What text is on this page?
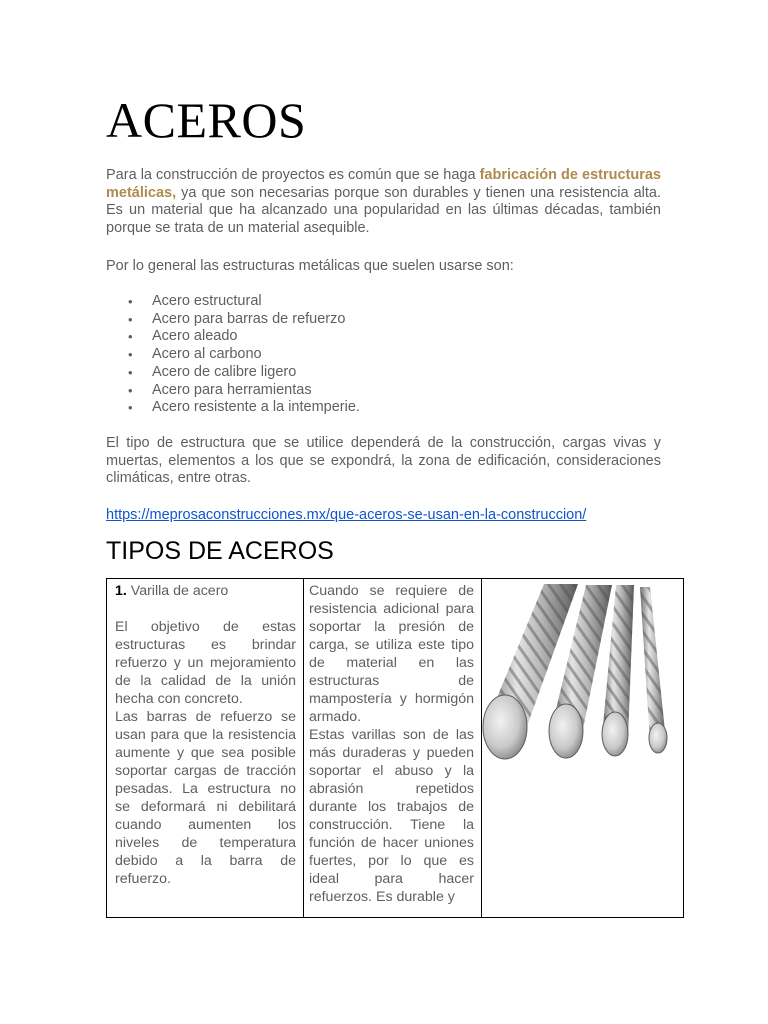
ACEROS

Para la construcción de proyectos es común que se haga fabricación de estructuras metálicas, ya que son necesarias porque son durables y tienen una resistencia alta. Es un material que ha alcanzado una popularidad en las últimas décadas, también porque se trata de un material asequible.

Por lo general las estructuras metálicas que suelen usarse son:

• Acero estructural
• Acero para barras de refuerzo
• Acero aleado
• Acero al carbono
• Acero de calibre ligero
• Acero para herramientas
• Acero resistente a la intemperie.

El tipo de estructura que se utilice dependerá de la construcción, cargas vivas y muertas, elementos a los que se expondrá, la zona de edificación, consideraciones climáticas, entre otras.

https://meprosaconstrucciones.mx/que-aceros-se-usan-en-la-construccion/
TIPOS DE ACEROS

1. Varilla de acero

El objetivo de estas estructuras es brindar refuerzo y un mejoramiento de la calidad de la unión hecha con concreto.

Las barras de refuerzo se usan para que la resistencia aumente y que sea posible soportar cargas de tracción pesadas. La estructura no se deformará ni debilitará cuando aumenten los niveles de temperatura debido a la barra de refuerzo.

Cuando se requiere de resistencia adicional para soportar la presión de carga, se utiliza este tipo de material en las estructuras de mampostería y hormigón armado.

Estas varillas son de las más duraderas y pueden soportar el abuso y la abrasión repetidos durante los trabajos de construcción. Tiene la función de hacer uniones fuertes, por lo que es ideal para hacer refuerzos. Es durable y
